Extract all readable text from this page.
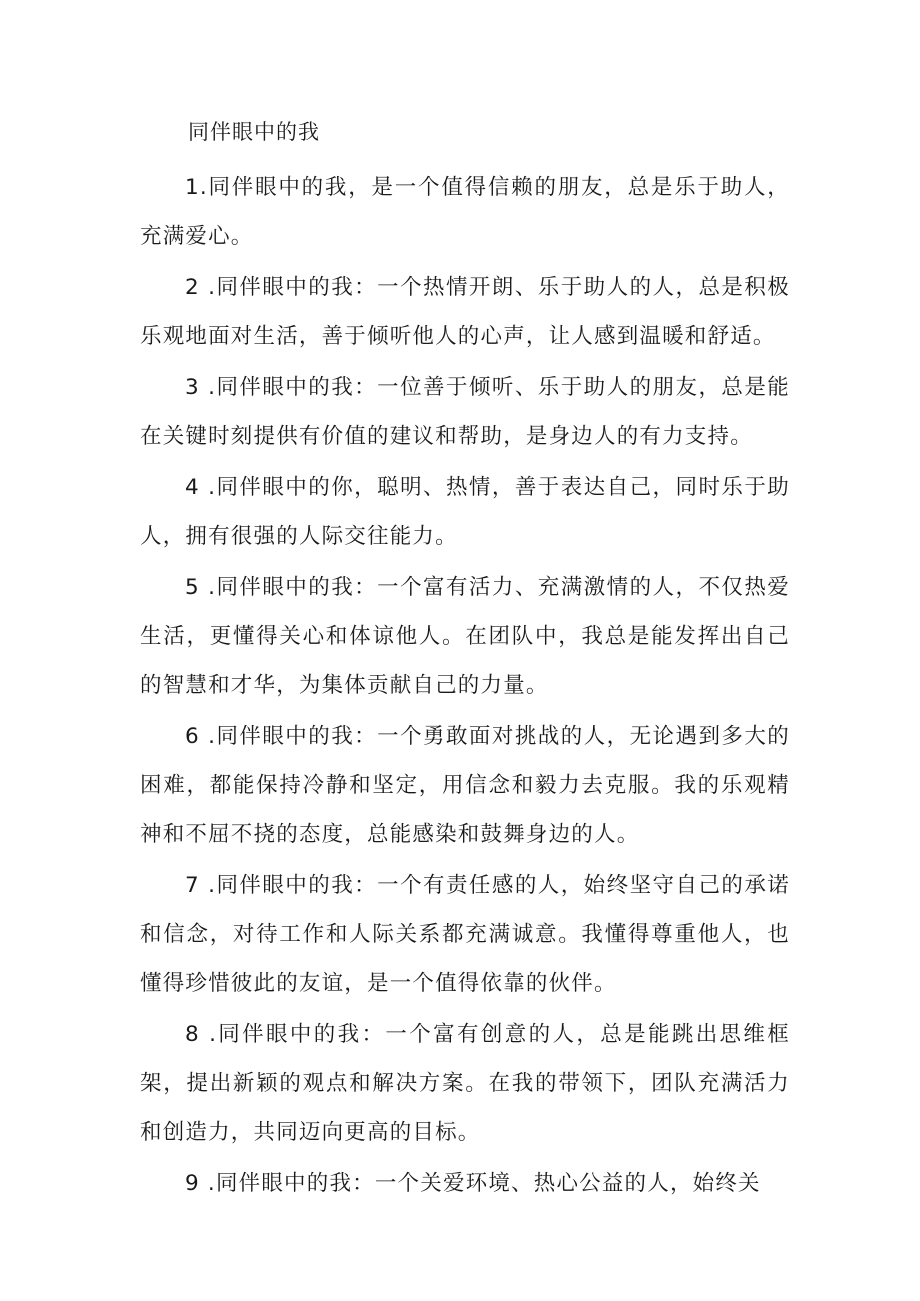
同伴眼中的我

1.同伴眼中的我，是一个值得信赖的朋友，总是乐于助人，充满爱心。

2 .同伴眼中的我：一个热情开朗、乐于助人的人，总是积极乐观地面对生活，善于倾听他人的心声，让人感到温暖和舒适。

3 .同伴眼中的我：一位善于倾听、乐于助人的朋友，总是能在关键时刻提供有价值的建议和帮助，是身边人的有力支持。

4 .同伴眼中的你，聪明、热情，善于表达自己，同时乐于助人，拥有很强的人际交往能力。

5 .同伴眼中的我：一个富有活力、充满激情的人，不仅热爱生活，更懂得关心和体谅他人。在团队中，我总是能发挥出自己的智慧和才华，为集体贡献自己的力量。

6 .同伴眼中的我：一个勇敢面对挑战的人，无论遇到多大的困难，都能保持冷静和坚定，用信念和毅力去克服。我的乐观精神和不屈不挠的态度，总能感染和鼓舞身边的人。

7 .同伴眼中的我：一个有责任感的人，始终坚守自己的承诺和信念，对待工作和人际关系都充满诚意。我懂得尊重他人，也懂得珍惜彼此的友谊，是一个值得依靠的伙伴。

8 .同伴眼中的我：一个富有创意的人，总是能跳出思维框架，提出新颖的观点和解决方案。在我的带领下，团队充满活力和创造力，共同迈向更高的目标。

9 .同伴眼中的我：一个关爱环境、热心公益的人，始终关
